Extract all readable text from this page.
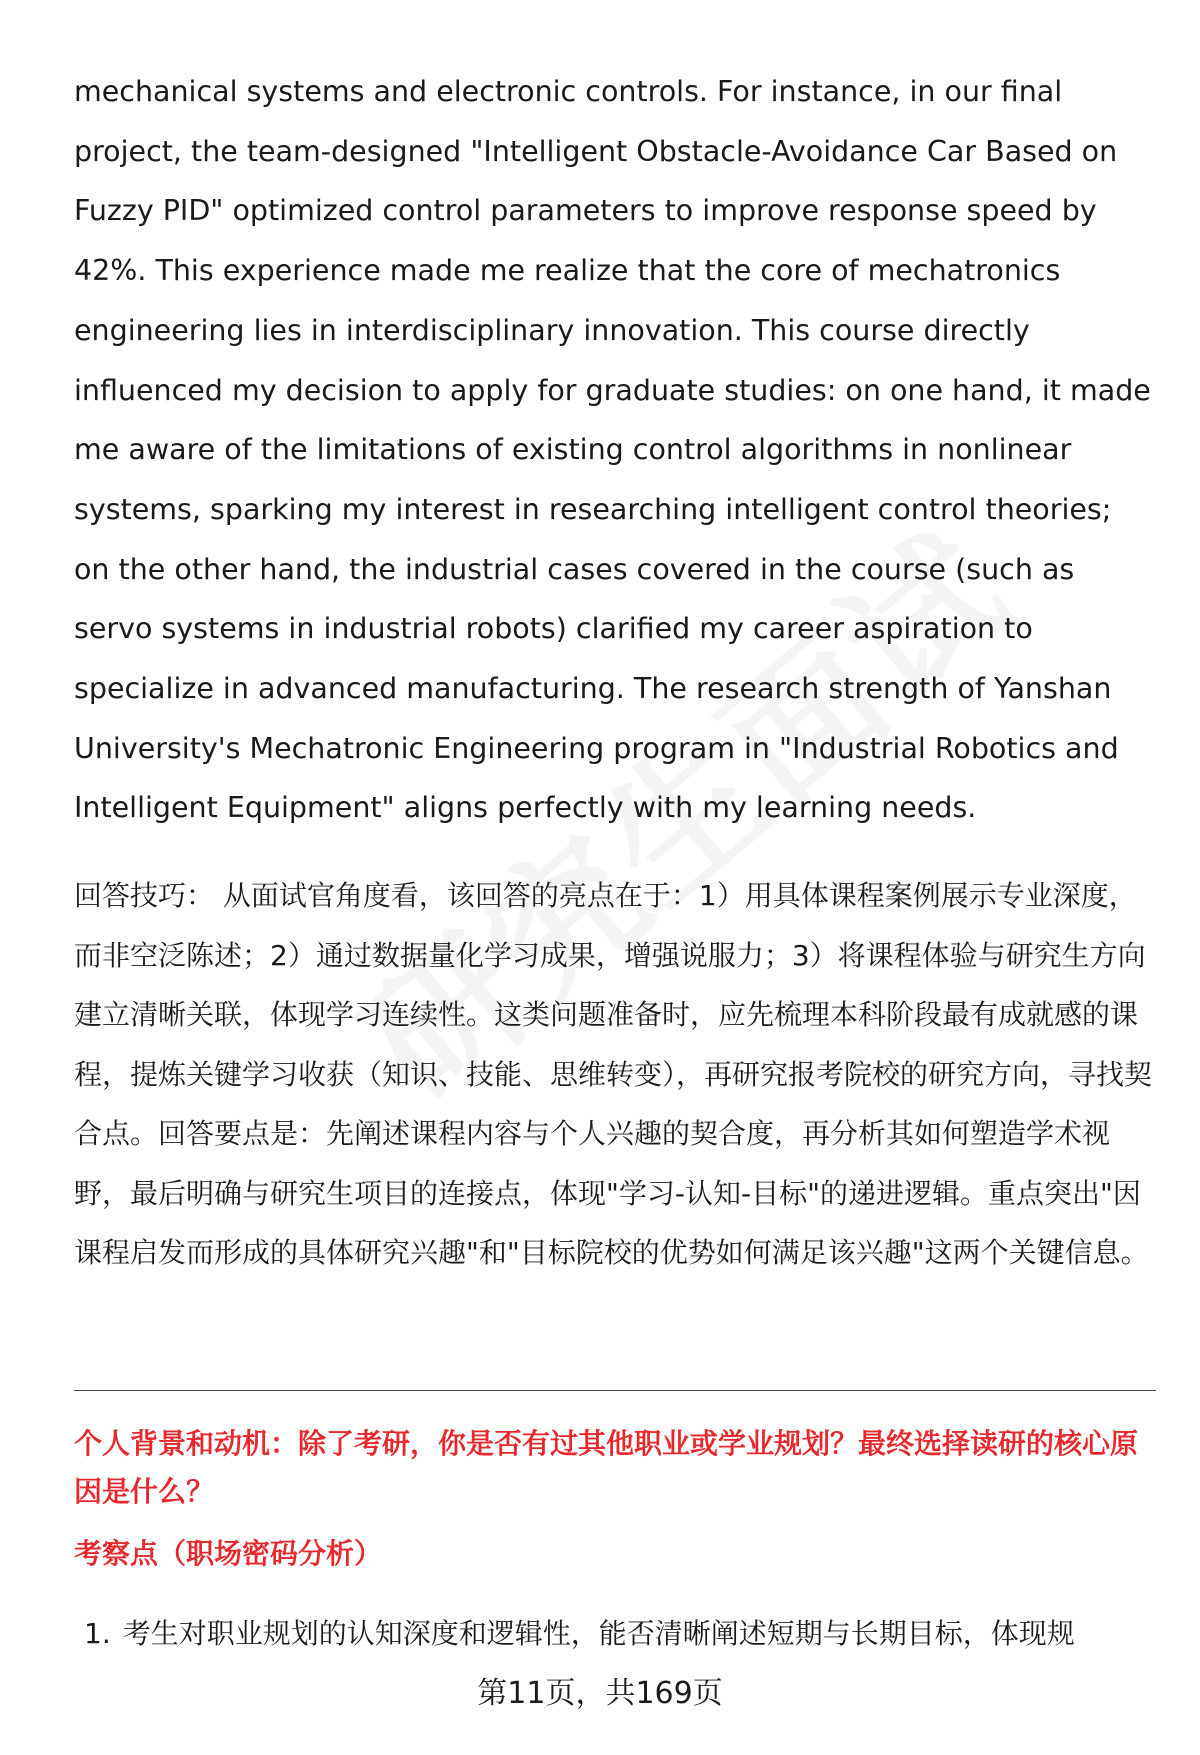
mechanical systems and electronic controls. For instance, in our final project, the team-designed "Intelligent Obstacle-Avoidance Car Based on Fuzzy PID" optimized control parameters to improve response speed by 42%. This experience made me realize that the core of mechatronics engineering lies in interdisciplinary innovation. This course directly influenced my decision to apply for graduate studies: on one hand, it made me aware of the limitations of existing control algorithms in nonlinear systems, sparking my interest in researching intelligent control theories; on the other hand, the industrial cases covered in the course (such as servo systems in industrial robots) clarified my career aspiration to specialize in advanced manufacturing. The research strength of Yanshan University's Mechatronic Engineering program in "Industrial Robotics and Intelligent Equipment" aligns perfectly with my learning needs.

回答技巧： 从面试官角度看，该回答的亮点在于：1）用具体课程案例展示专业深度，而非空泛陈述；2）通过数据量化学习成果，增强说服力；3）将课程体验与研究生方向建立清晰关联，体现学习连续性。这类问题准备时，应先梳理本科阶段最有成就感的课程，提炼关键学习收获（知识、技能、思维转变），再研究报考院校的研究方向，寻找契合点。回答要点是：先阐述课程内容与个人兴趣的契合度，再分析其如何塑造学术视野，最后明确与研究生项目的连接点，体现"学习-认知-目标"的递进逻辑。重点突出"因课程启发而形成的具体研究兴趣"和"目标院校的优势如何满足该兴趣"这两个关键信息。

个人背景和动机：除了考研，你是否有过其他职业或学业规划？最终选择读研的核心原因是什么？

考察点（职场密码分析）

1. 考生对职业规划的认知深度和逻辑性，能否清晰阐述短期与长期目标，体现规

第11页，共169页
